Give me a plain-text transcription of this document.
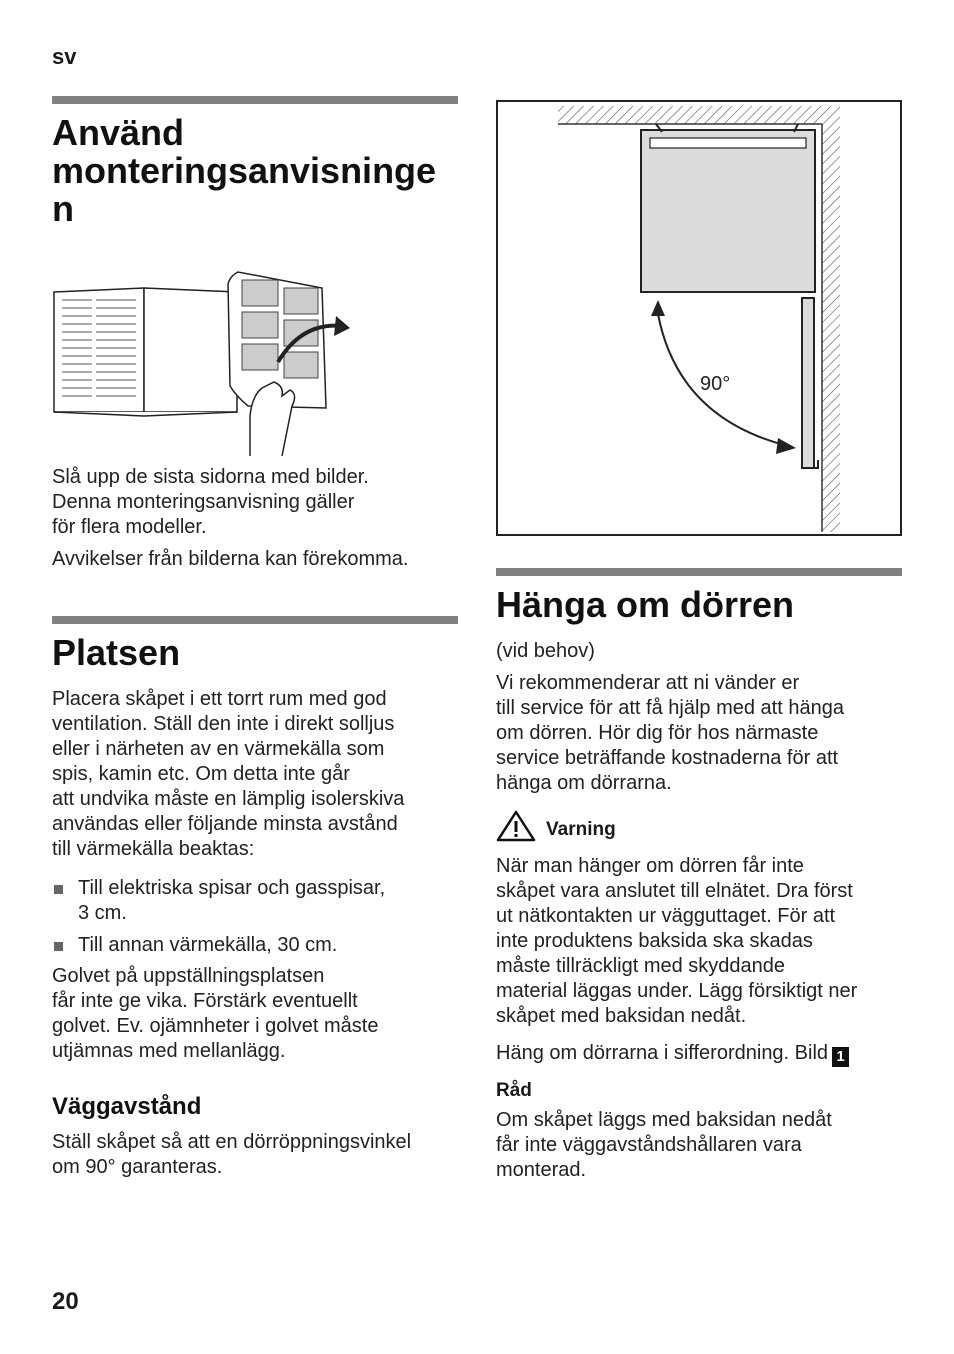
sv
20
Använd monteringsanvisninge n

Slå upp de sista sidorna med bilder.

Denna monteringsanvisning gäller

för flera modeller.

Avvikelser från bilderna kan förekomma.

Platsen

Placera skåpet i ett torrt rum med god

ventilation. Ställ den inte i direkt solljus

eller i närheten av en värmekälla som

spis, kamin etc. Om detta inte går

att undvika måste en lämplig isolerskiva

användas eller följande minsta avstånd

till värmekälla beaktas:

Till elektriska spisar och gasspisar,
3 cm.
Till annan värmekälla, 30 cm.

Golvet på uppställningsplatsen

får inte ge vika. Förstärk eventuellt

golvet. Ev. ojämnheter i golvet måste

utjämnas med mellanlägg.

Väggavstånd

Ställ skåpet så att en dörröppningsvinkel

om 90° garanteras.

90°
Hänga om dörren

(vid behov)

Vi rekommenderar att ni vänder er

till service för att få hjälp med att hänga

om dörren. Hör dig för hos närmaste

service beträffande kostnaderna för att

hänga om dörrarna.

Varning

När man hänger om dörren får inte

skåpet vara anslutet till elnätet. Dra först

ut nätkontakten ur vägguttaget. För att

inte produktens baksida ska skadas

måste tillräckligt med skyddande

material läggas under. Lägg försiktigt ner

skåpet med baksidan nedåt.

Häng om dörrarna i sifferordning. Bild 1

Råd

Om skåpet läggs med baksidan nedåt

får inte väggavståndshållaren vara

monterad.
